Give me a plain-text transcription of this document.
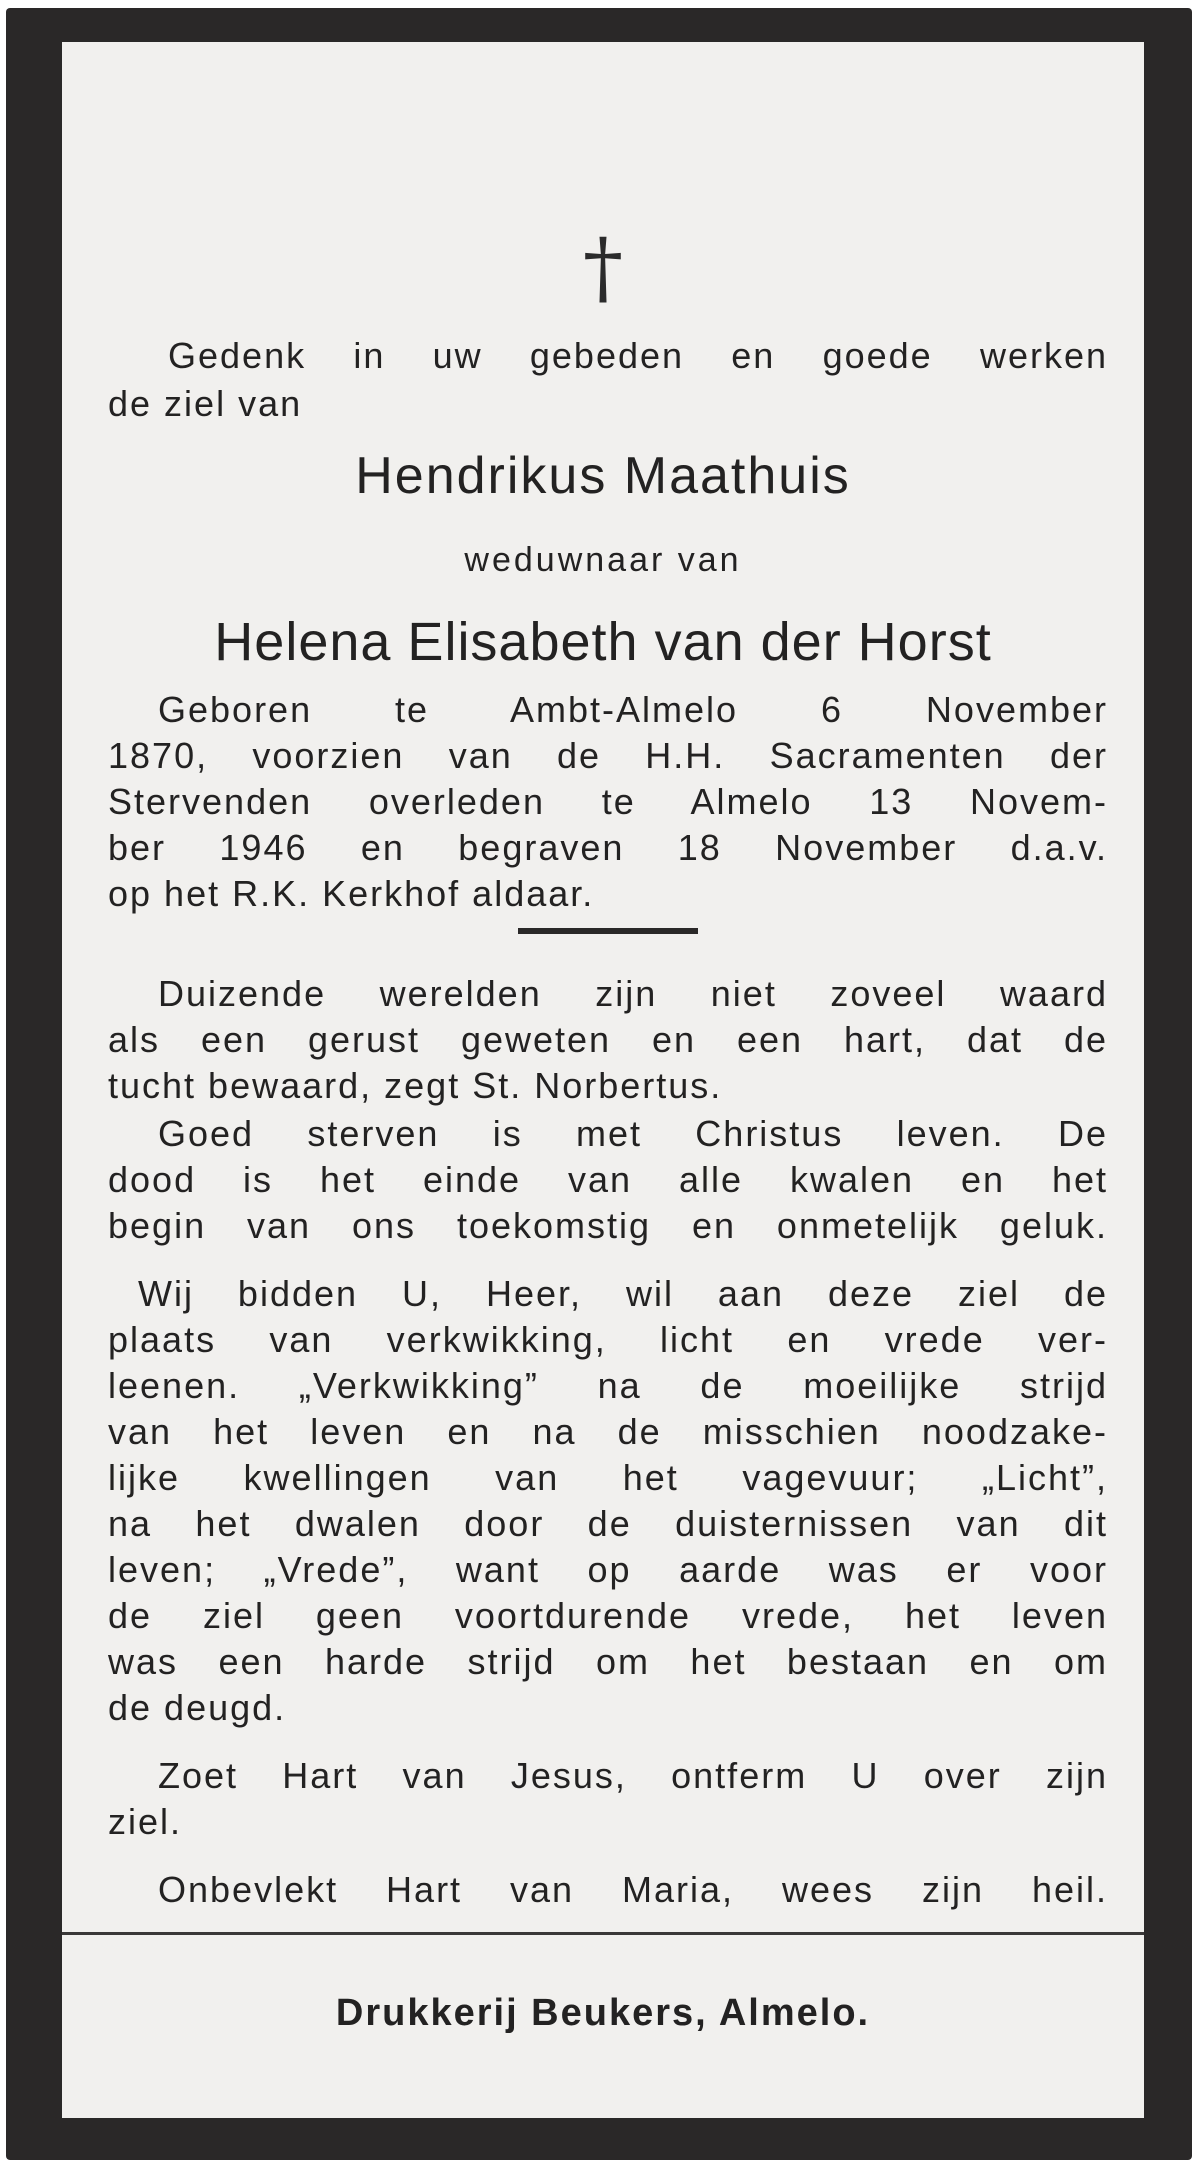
†
Gedenk in uw gebeden en goede werken
de ziel van
Hendrikus Maathuis
weduwnaar van
Helena Elisabeth van der Horst
Geboren te Ambt-Almelo 6 November
1870, voorzien van de H.H. Sacramenten der
Stervenden overleden te Almelo 13 Novem-
ber 1946 en begraven 18 November d.a.v.
op het R.K. Kerkhof aldaar.
Duizende werelden zijn niet zoveel waard
als een gerust geweten en een hart, dat de
tucht bewaard, zegt St. Norbertus.
Goed sterven is met Christus leven. De
dood is het einde van alle kwalen en het
begin van ons toekomstig en onmetelijk geluk.
Wij bidden U, Heer, wil aan deze ziel de
plaats van verkwikking, licht en vrede ver-
leenen. „Verkwikking” na de moeilijke strijd
van het leven en na de misschien noodzake-
lijke kwellingen van het vagevuur; „Licht”,
na het dwalen door de duisternissen van dit
leven; „Vrede”, want op aarde was er voor
de ziel geen voortdurende vrede, het leven
was een harde strijd om het bestaan en om
de deugd.
Zoet Hart van Jesus, ontferm U over zijn
ziel.
Onbevlekt Hart van Maria, wees zijn heil.
Drukkerij Beukers, Almelo.
